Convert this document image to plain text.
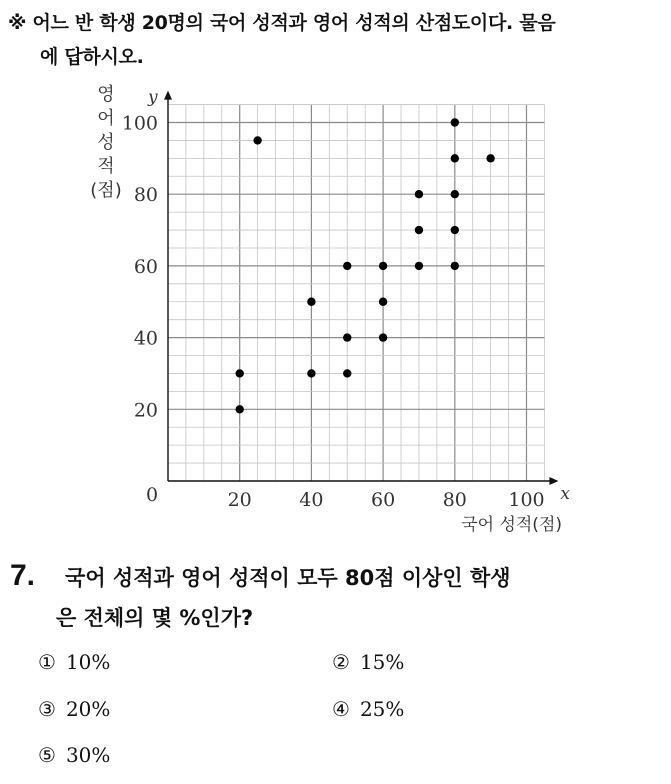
※ 어느 반 학생 20명의 국어 성적과 영어 성적의 산점도이다. 물음
에 답하시오.
x
y
0	20	40	60	80 100
20
40
60
80
100
영
어
성
적
(점)
국어 성적(점)
7. 국어 성적과 영어 성적이 모두 80점 이상인 학생
은 전체의 몇 %인가?
① 10%	② 15%
③ 20%	④ 25%
⑤ 30%
